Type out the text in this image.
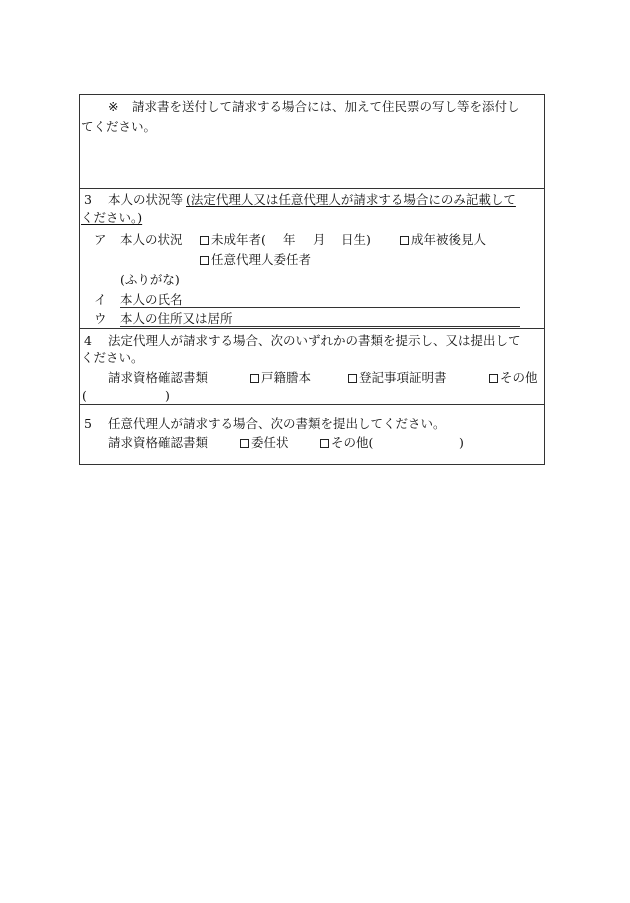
※ 請求書を送付して請求する場合には、加えて住民票の写し等を添付し
てください。
3 本人の状況等 (法定代理人又は任意代理人が請求する場合にのみ記載して
ください。)
ア 本人の状況	未成年者( 年 月 日生)	成年被後見人
任意代理人委任者
(ふりがな)
イ 本人の氏名
ウ 本人の住所又は居所
4 法定代理人が請求する場合、次のいずれかの書類を提示し、又は提出して
ください。
請求資格確認書類	戸籍謄本	登記事項証明書	その他
(	)
5 任意代理人が請求する場合、次の書類を提出してください。
請求資格確認書類	委任状	その他(	)
